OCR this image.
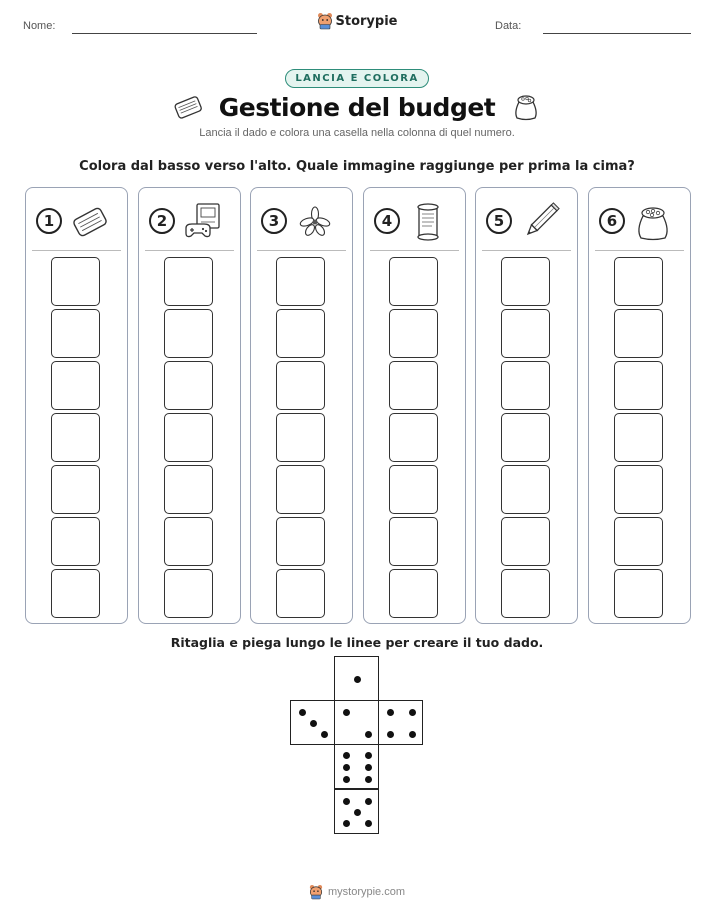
Nome:	Data:
Storypie
LANCIA E COLORA
Gestione del budget
Lancia il dado e colora una casella nella colonna di quel numero.
Colora dal basso verso l'alto. Quale immagine raggiunge per prima la cima?
1	2	3	4	5	6
Ritaglia e piega lungo le linee per creare il tuo dado.
mystorypie.com
